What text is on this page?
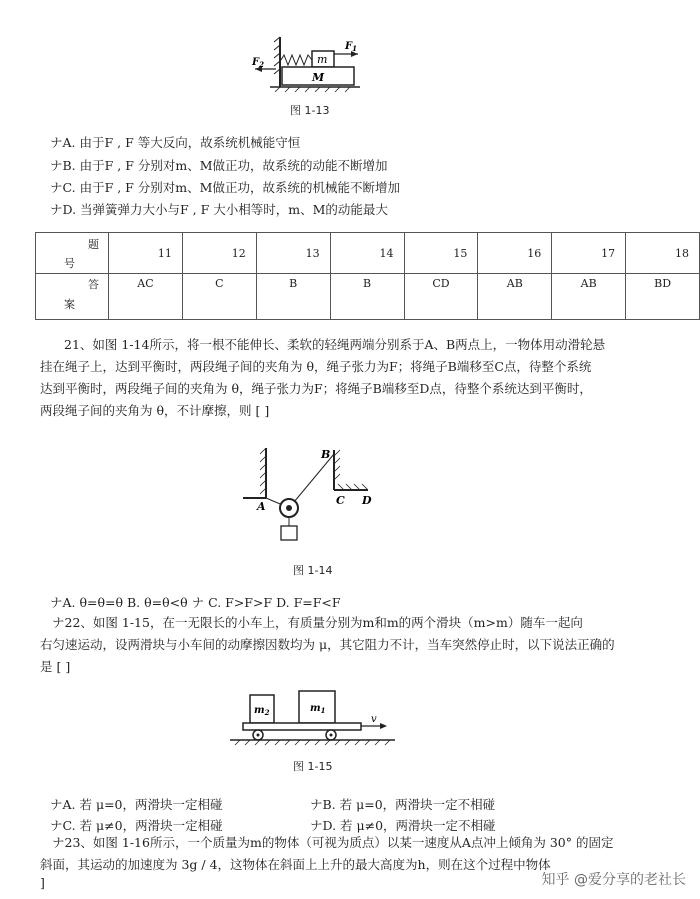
m
M
$F_1$
$F_2$
图 1-13
ナA. 由于F , F 等大反向，故系统机械能守恒
ナB. 由于F , F 分别对m、M做正功，故系统的动能不断增加
ナC. 由于F , F 分别对m、M做正功，故系统的机械能不断增加
ナD. 当弹簧弹力大小与F , F 大小相等时，m、M的动能最大
题
号	11	12	13	14	15	16	17	18

答
案	AC	C	B	B	CD	AB	AB	BD
21、如图 1-14所示，将一根不能伸长、柔软的轻绳两端分别系于A、B两点上，一物体用动滑轮悬
挂在绳子上，达到平衡时，两段绳子间的夹角为 θ，绳子张力为F；将绳子B端移至C点，待整个系统
达到平衡时，两段绳子间的夹角为 θ，绳子张力为F；将绳子B端移至D点，待整个系统达到平衡时，
两段绳子间的夹角为 θ，不计摩擦，则 [ ]
A
B
C D
图 1-14
ナA. θ=θ=θ B. θ=θ<θ ナ C. F>F>F D. F=F<F
ナ22、如图 1-15，在一无限长的小车上，有质量分别为m和m的两个滑块（m>m）随车一起向
右匀速运动，设两滑块与小车间的动摩擦因数均为 μ，其它阻力不计，当车突然停止时，以下说法正确的
是 [ ]
$m_2$	$m_1$
v
图 1-15
ナA. 若 μ=0，两滑块一定相碰	ナB. 若 μ=0，两滑块一定不相碰
ナC. 若 μ≠0，两滑块一定相碰	ナD. 若 μ≠0，两滑块一定不相碰
ナ23、如图 1-16所示，一个质量为m的物体（可视为质点）以某一速度从A点冲上倾角为 30° 的固定
斜面，其运动的加速度为 3g / 4，这物体在斜面上上升的最大高度为h，则在这个过程中物体
]	知乎 @爱分享的老社长
